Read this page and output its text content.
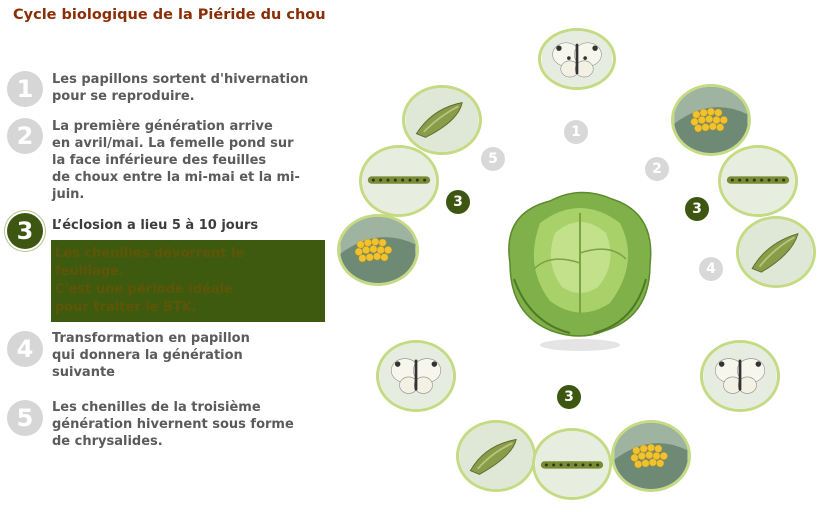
Cycle biologique de la Piéride du chou
1	Les papillons sortent d'hivernation
pour se reproduire.
2	La première génération arrive
en avril/mai. La femelle pond sur
la face inférieure des feuilles
de choux entre la mi-mai et la mi-
juin.
3	L’éclosion a lieu 5 à 10 jours
Les chenilles dévorrent le
feuillage.
C'est une période idéale
pour traiter le BTK.
4	Transformation en papillon
qui donnera la génération
suivante
5	Les chenilles de la troisième
génération hivernent sous forme
de chrysalides.
1
2
3
3
4
5
3
